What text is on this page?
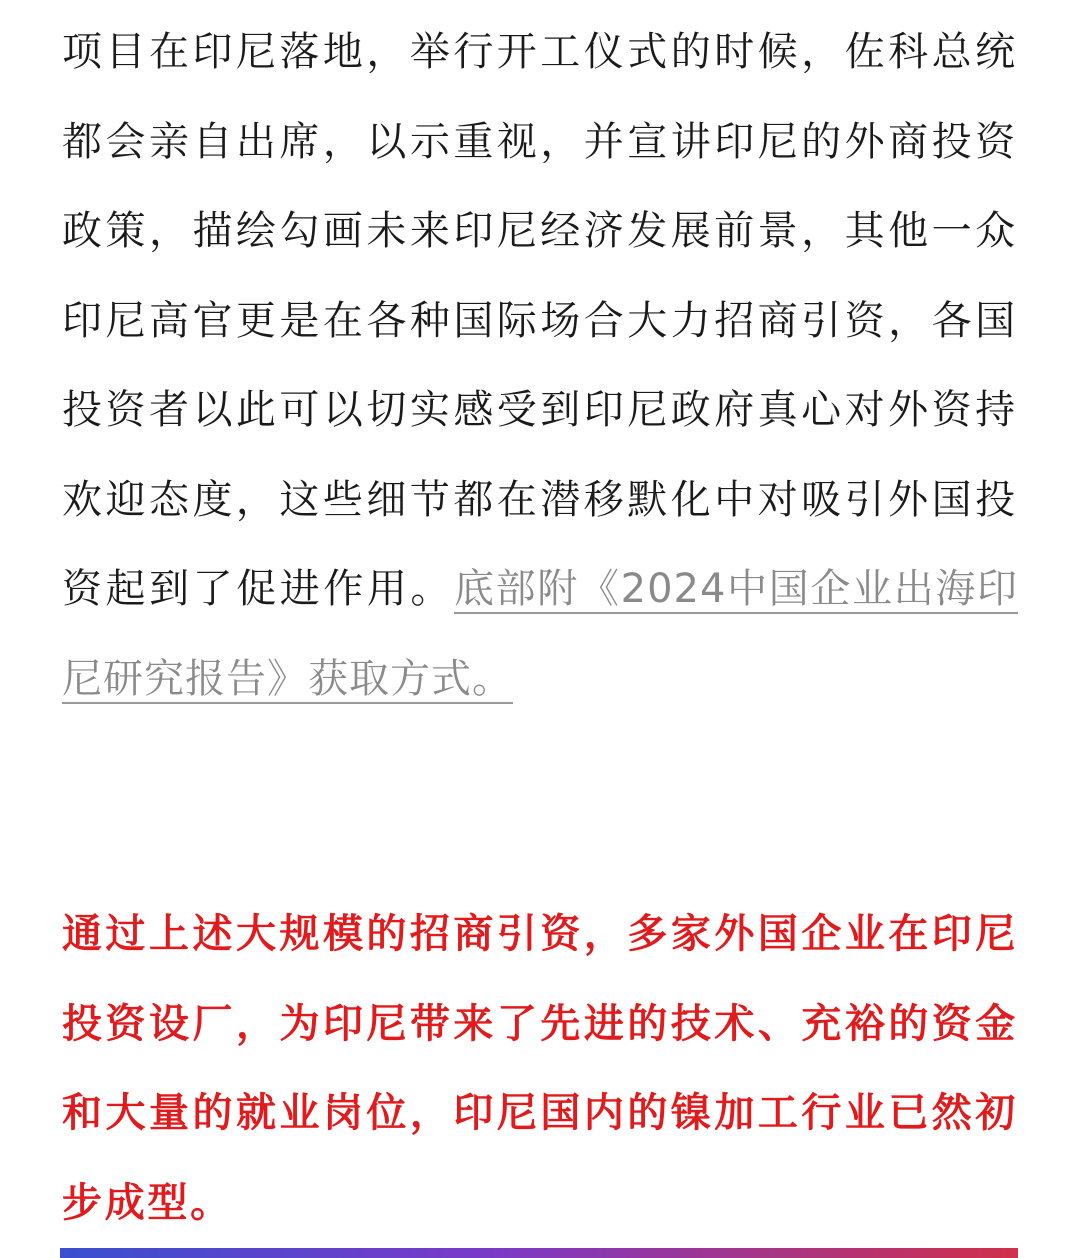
项目在印尼落地，举行开工仪式的时候，佐科总统都会亲自出席，以示重视，并宣讲印尼的外商投资政策，描绘勾画未来印尼经济发展前景，其他一众印尼高官更是在各种国际场合大力招商引资，各国投资者以此可以切实感受到印尼政府真心对外资持欢迎态度，这些细节都在潜移默化中对吸引外国投资起到了促进作用。底部附《2024中国企业出海印尼研究报告》获取方式。

通过上述大规模的招商引资，多家外国企业在印尼投资设厂，为印尼带来了先进的技术、充裕的资金和大量的就业岗位，印尼国内的镍加工行业已然初步成型。
